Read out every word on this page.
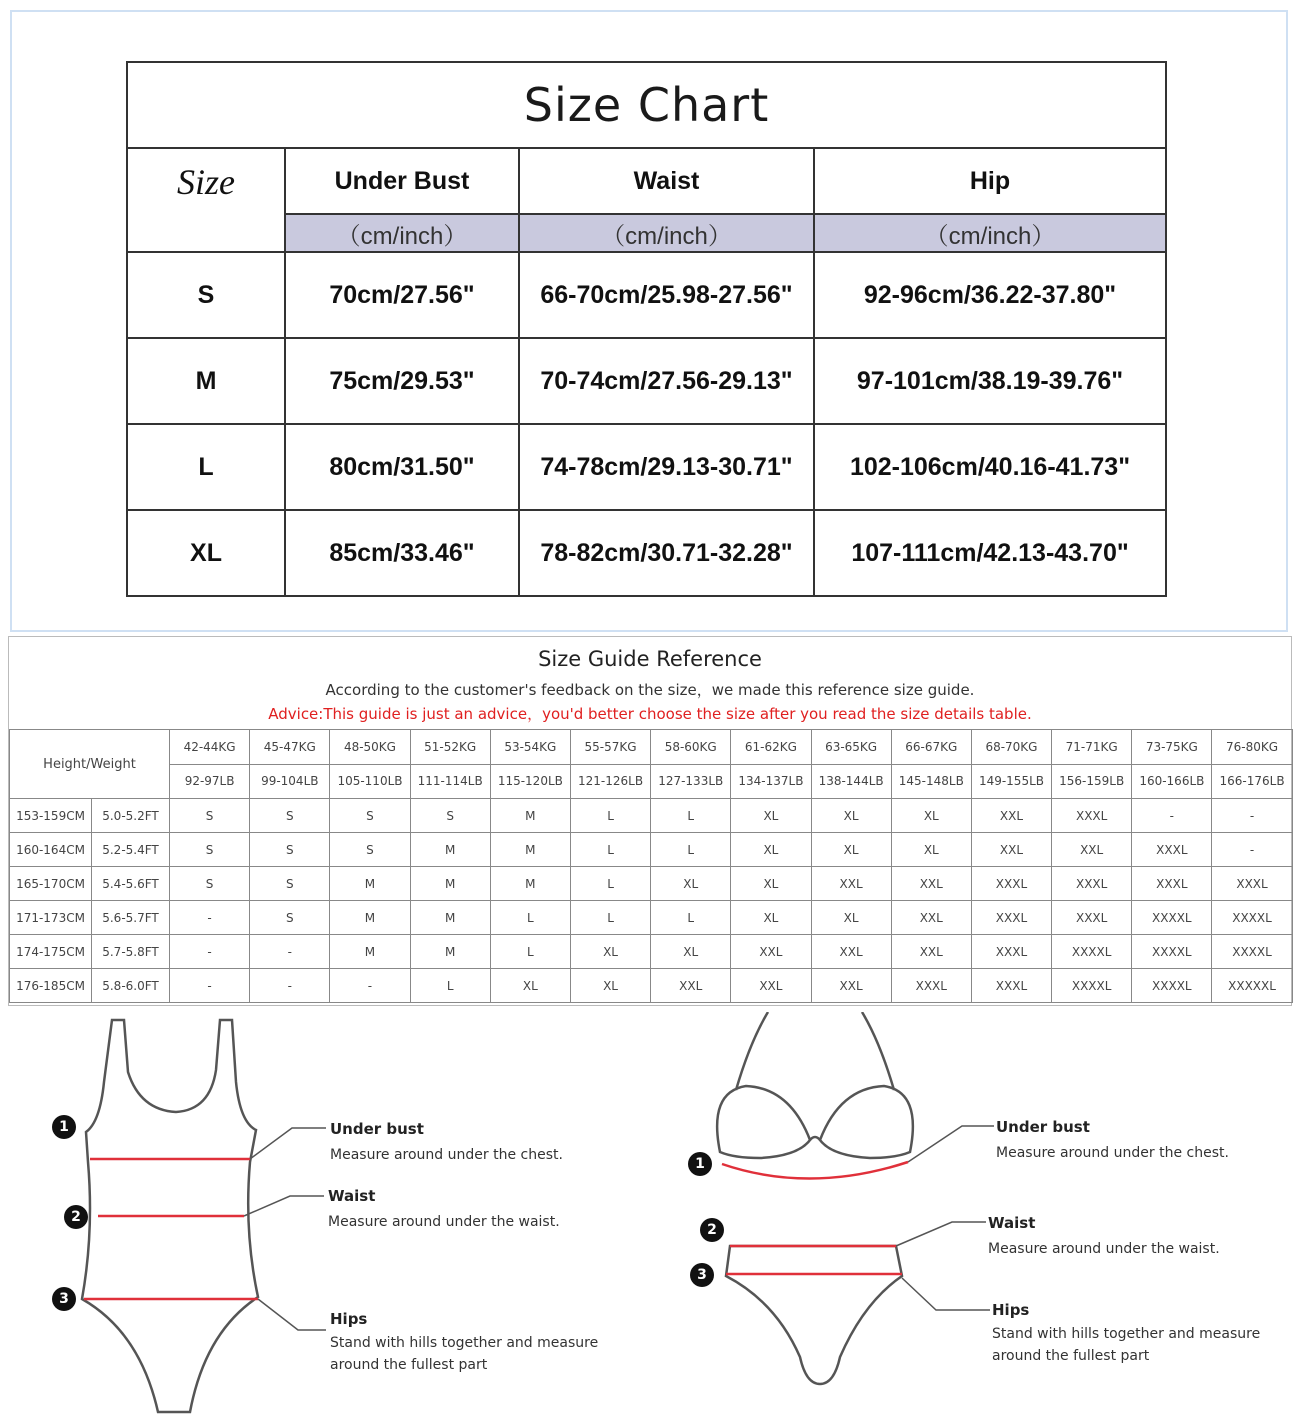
Size Chart			
Size	Under Bust	Waist	Hip
	（cm/inch）	（cm/inch）	（cm/inch）
S	70cm/27.56"	66-70cm/25.98-27.56"	92-96cm/36.22-37.80"
M	75cm/29.53"	70-74cm/27.56-29.13"	97-101cm/38.19-39.76"
L	80cm/31.50"	74-78cm/29.13-30.71"	102-106cm/40.16-41.73"
XL	85cm/33.46"	78-82cm/30.71-32.28"	107-111cm/42.13-43.70"
Size Guide Reference
According to the customer's feedback on the size，we made this reference size guide.
Advice:This guide is just an advice，you'd better choose the size after you read the size details table.
Height/Weight		42-44KG	45-47KG	48-50KG	51-52KG	53-54KG	55-57KG	58-60KG	61-62KG	63-65KG	66-67KG	68-70KG	71-71KG	73-75KG	76-80KG
		92-97LB	99-104LB	105-110LB	111-114LB	115-120LB	121-126LB	127-133LB	134-137LB	138-144LB	145-148LB	149-155LB	156-159LB	160-166LB	166-176LB
153-159CM	5.0-5.2FT	S	S	S	S	M	L	L	XL	XL	XL	XXL	XXXL	-	-
160-164CM	5.2-5.4FT	S	S	S	M	M	L	L	XL	XL	XL	XXL	XXL	XXXL	-
165-170CM	5.4-5.6FT	S	S	M	M	M	L	XL	XL	XXL	XXL	XXXL	XXXL	XXXL	XXXL
171-173CM	5.6-5.7FT	-	S	M	M	L	L	L	XL	XL	XXL	XXXL	XXXL	XXXXL	XXXXL
174-175CM	5.7-5.8FT	-	-	M	M	L	XL	XL	XXL	XXL	XXL	XXXL	XXXXL	XXXXL	XXXXL
176-185CM	5.8-6.0FT	-	-	-	L	XL	XL	XXL	XXL	XXL	XXXL	XXXL	XXXXL	XXXXL	XXXXXL
1
2
3
Under bust
Measure around under the chest.
Waist
Measure around under the waist.
Hips
Stand with hills together and measure
around the fullest part
1
2
3
Under bust
Measure around under the chest.
Waist
Measure around under the waist.
Hips
Stand with hills together and measure
around the fullest part
